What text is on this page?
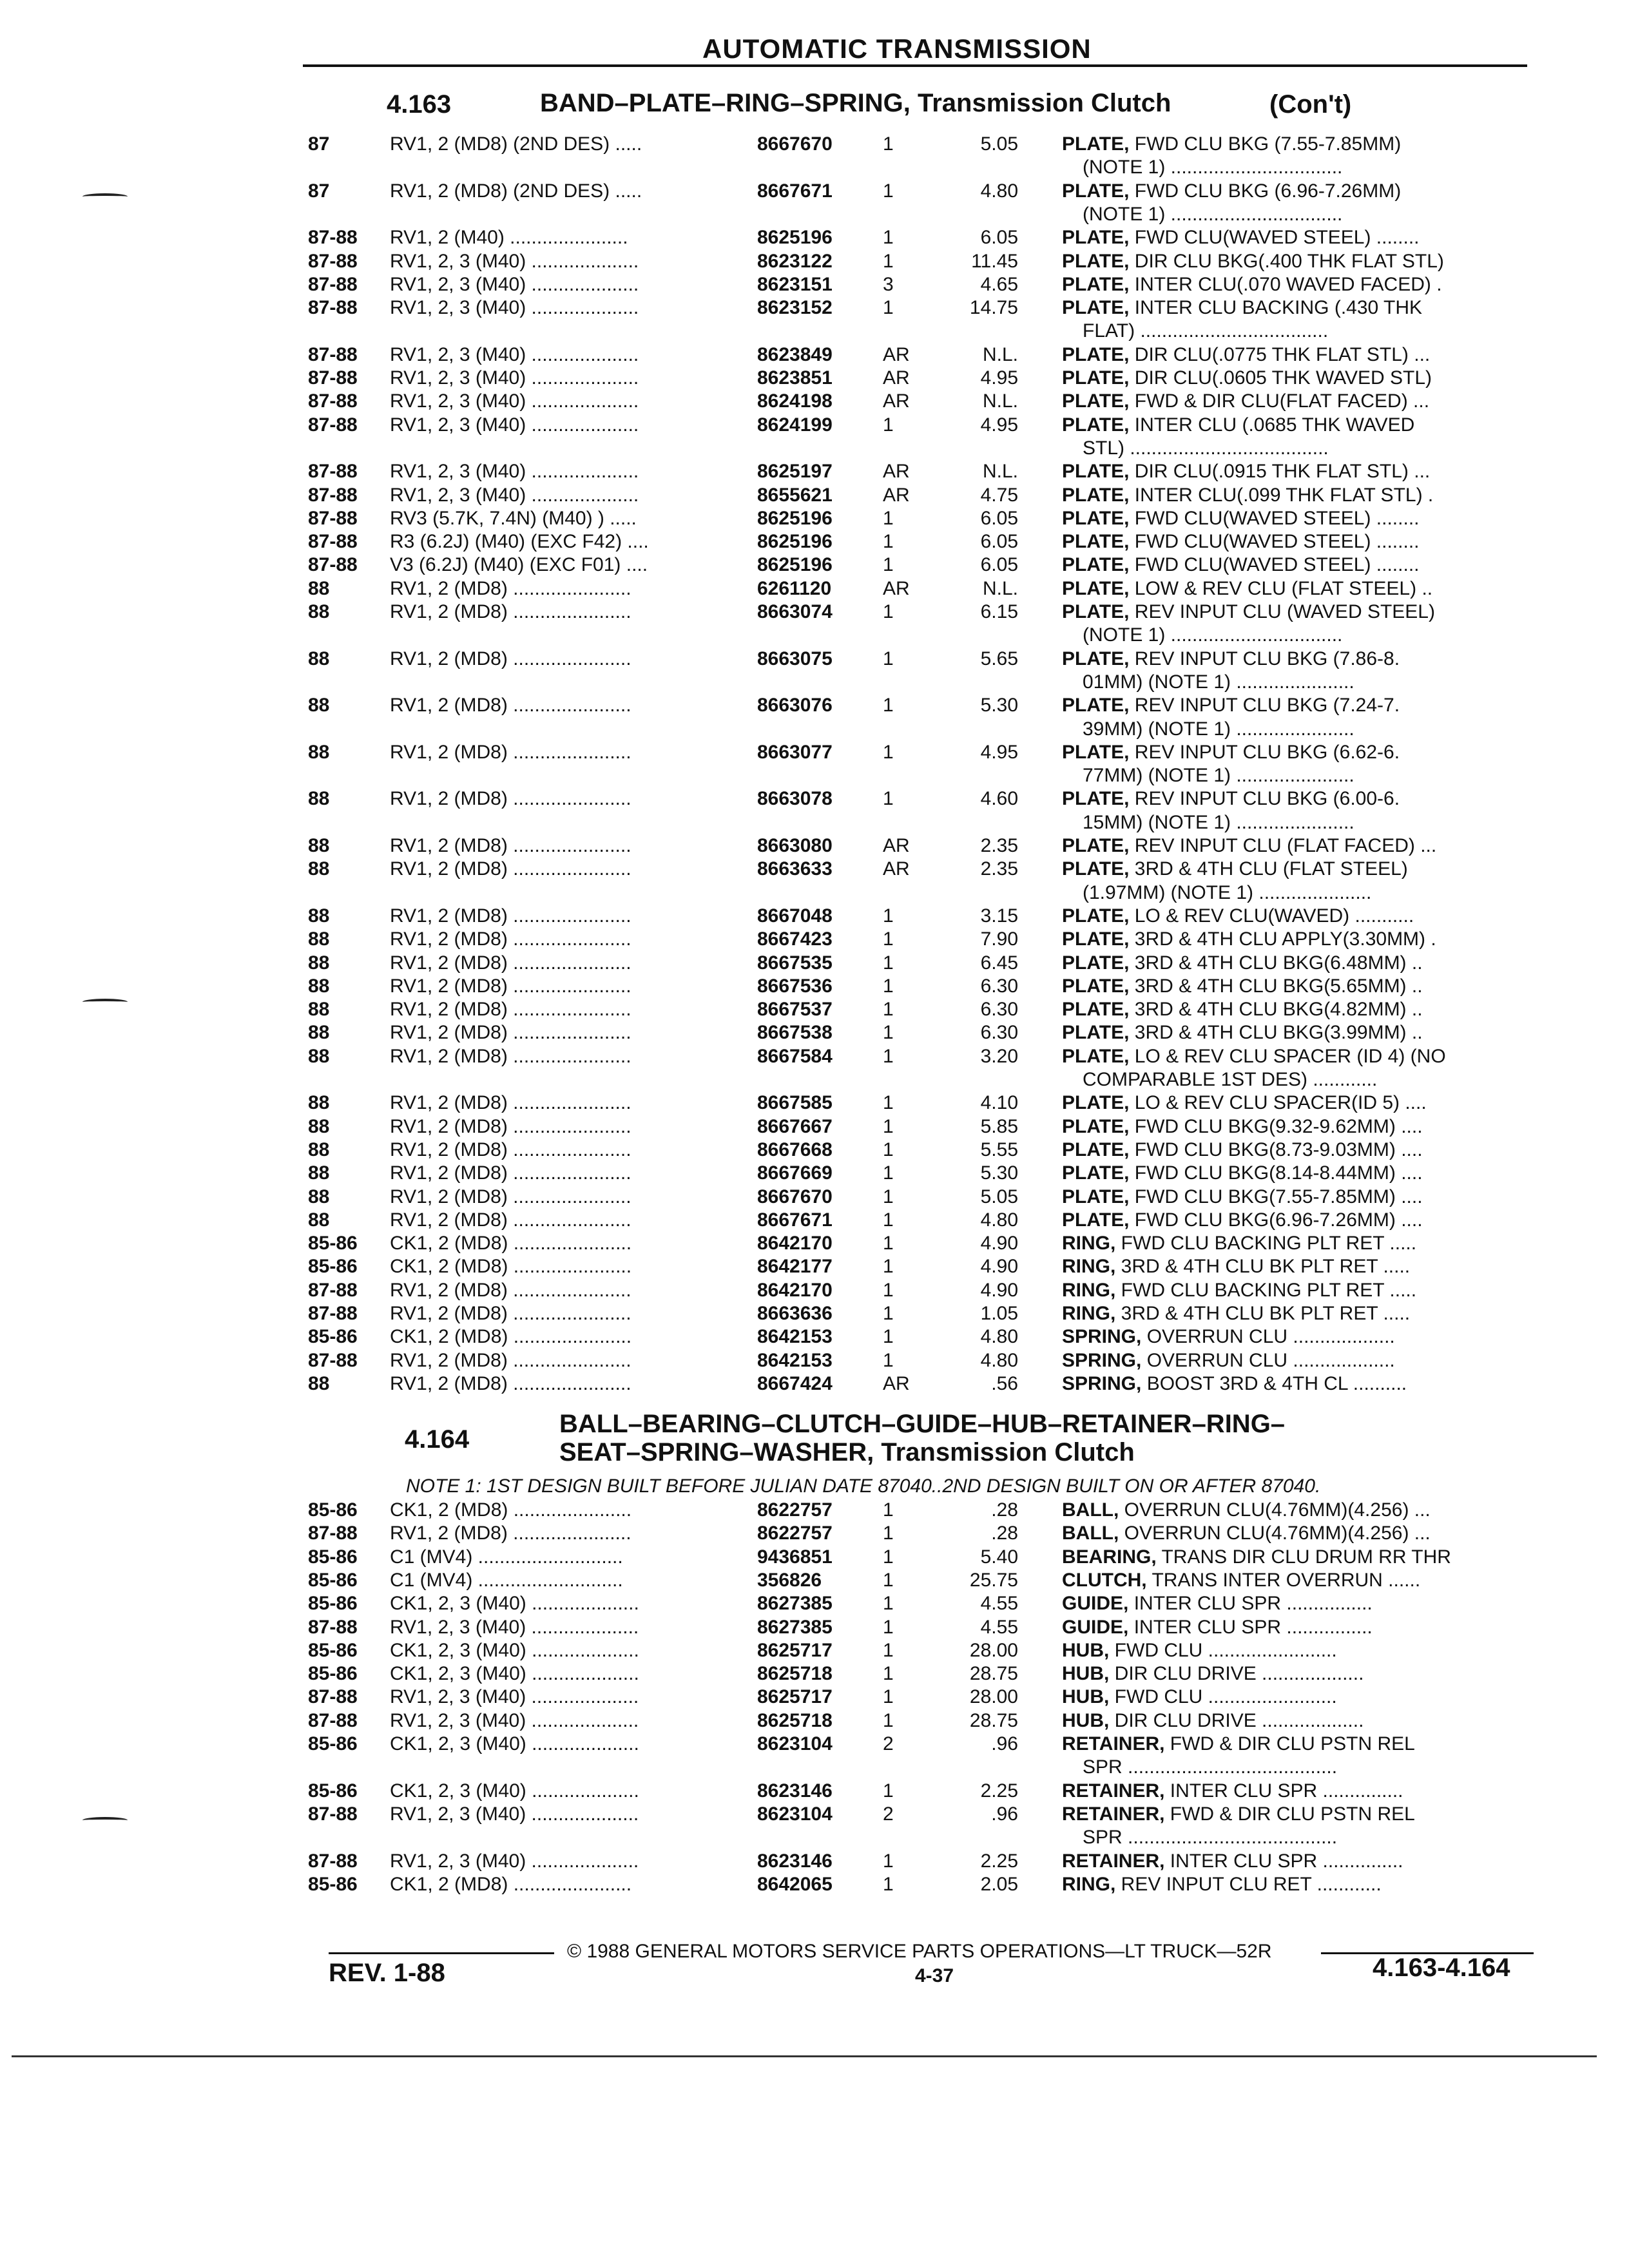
AUTOMATIC TRANSMISSION
4.163	BAND–PLATE–RING–SPRING, Transmission Clutch	(Con't)
87	RV1, 2 (MD8) (2ND DES) .....	8667670	1	5.05 PLATE, FWD CLU BKG (7.55-7.85MM)
(NOTE 1) ................................
87	RV1, 2 (MD8) (2ND DES) .....	8667671	1	4.80 PLATE, FWD CLU BKG (6.96-7.26MM)
(NOTE 1) ................................
87-88 RV1, 2 (M40) ......................	8625196	1	6.05 PLATE, FWD CLU(WAVED STEEL) ........
87-88 RV1, 2, 3 (M40) ....................	8623122	1	11.45 PLATE, DIR CLU BKG(.400 THK FLAT STL)
87-88 RV1, 2, 3 (M40) ....................	8623151	3	4.65 PLATE, INTER CLU(.070 WAVED FACED) .
87-88 RV1, 2, 3 (M40) ....................	8623152	1	14.75 PLATE, INTER CLU BACKING (.430 THK
FLAT) ...................................
87-88 RV1, 2, 3 (M40) ....................	8623849	AR	N.L. PLATE, DIR CLU(.0775 THK FLAT STL) ...
87-88 RV1, 2, 3 (M40) ....................	8623851	AR	4.95 PLATE, DIR CLU(.0605 THK WAVED STL)
87-88 RV1, 2, 3 (M40) ....................	8624198	AR	N.L. PLATE, FWD & DIR CLU(FLAT FACED) ...
87-88 RV1, 2, 3 (M40) ....................	8624199	1	4.95 PLATE, INTER CLU (.0685 THK WAVED
STL) .....................................
87-88 RV1, 2, 3 (M40) ....................	8625197	AR	N.L. PLATE, DIR CLU(.0915 THK FLAT STL) ...
87-88 RV1, 2, 3 (M40) ....................	8655621	AR	4.75 PLATE, INTER CLU(.099 THK FLAT STL) .
87-88 RV3 (5.7K, 7.4N) (M40) ) .....	8625196	1	6.05 PLATE, FWD CLU(WAVED STEEL) ........
87-88 R3 (6.2J) (M40) (EXC F42) ....	8625196	1	6.05 PLATE, FWD CLU(WAVED STEEL) ........
87-88 V3 (6.2J) (M40) (EXC F01) ....	8625196	1	6.05 PLATE, FWD CLU(WAVED STEEL) ........
88	RV1, 2 (MD8) ......................	6261120	AR	N.L. PLATE, LOW & REV CLU (FLAT STEEL) ..
88	RV1, 2 (MD8) ......................	8663074	1	6.15 PLATE, REV INPUT CLU (WAVED STEEL)
(NOTE 1) ................................
88	RV1, 2 (MD8) ......................	8663075	1	5.65 PLATE, REV INPUT CLU BKG (7.86-8.
01MM) (NOTE 1) ......................
88	RV1, 2 (MD8) ......................	8663076	1	5.30 PLATE, REV INPUT CLU BKG (7.24-7.
39MM) (NOTE 1) ......................
88	RV1, 2 (MD8) ......................	8663077	1	4.95 PLATE, REV INPUT CLU BKG (6.62-6.
77MM) (NOTE 1) ......................
88	RV1, 2 (MD8) ......................	8663078	1	4.60 PLATE, REV INPUT CLU BKG (6.00-6.
15MM) (NOTE 1) ......................
88	RV1, 2 (MD8) ......................	8663080	AR	2.35 PLATE, REV INPUT CLU (FLAT FACED) ...
88	RV1, 2 (MD8) ......................	8663633	AR	2.35 PLATE, 3RD & 4TH CLU (FLAT STEEL)
(1.97MM) (NOTE 1) .....................
88	RV1, 2 (MD8) ......................	8667048	1	3.15 PLATE, LO & REV CLU(WAVED) ...........
88	RV1, 2 (MD8) ......................	8667423	1	7.90 PLATE, 3RD & 4TH CLU APPLY(3.30MM) .
88	RV1, 2 (MD8) ......................	8667535	1	6.45 PLATE, 3RD & 4TH CLU BKG(6.48MM) ..
88	RV1, 2 (MD8) ......................	8667536	1	6.30 PLATE, 3RD & 4TH CLU BKG(5.65MM) ..
88	RV1, 2 (MD8) ......................	8667537	1	6.30 PLATE, 3RD & 4TH CLU BKG(4.82MM) ..
88	RV1, 2 (MD8) ......................	8667538	1	6.30 PLATE, 3RD & 4TH CLU BKG(3.99MM) ..
88	RV1, 2 (MD8) ......................	8667584	1	3.20 PLATE, LO & REV CLU SPACER (ID 4) (NO
COMPARABLE 1ST DES) ............
88	RV1, 2 (MD8) ......................	8667585	1	4.10 PLATE, LO & REV CLU SPACER(ID 5) ....
88	RV1, 2 (MD8) ......................	8667667	1	5.85 PLATE, FWD CLU BKG(9.32-9.62MM) ....
88	RV1, 2 (MD8) ......................	8667668	1	5.55 PLATE, FWD CLU BKG(8.73-9.03MM) ....
88	RV1, 2 (MD8) ......................	8667669	1	5.30 PLATE, FWD CLU BKG(8.14-8.44MM) ....
88	RV1, 2 (MD8) ......................	8667670	1	5.05 PLATE, FWD CLU BKG(7.55-7.85MM) ....
88	RV1, 2 (MD8) ......................	8667671	1	4.80 PLATE, FWD CLU BKG(6.96-7.26MM) ....
85-86 CK1, 2 (MD8) ......................	8642170	1	4.90 RING, FWD CLU BACKING PLT RET .....
85-86 CK1, 2 (MD8) ......................	8642177	1	4.90 RING, 3RD & 4TH CLU BK PLT RET .....
87-88 RV1, 2 (MD8) ......................	8642170	1	4.90 RING, FWD CLU BACKING PLT RET .....
87-88 RV1, 2 (MD8) ......................	8663636	1	1.05 RING, 3RD & 4TH CLU BK PLT RET .....
85-86 CK1, 2 (MD8) ......................	8642153	1	4.80 SPRING, OVERRUN CLU ...................
87-88 RV1, 2 (MD8) ......................	8642153	1	4.80 SPRING, OVERRUN CLU ...................
88	RV1, 2 (MD8) ......................	8667424	AR	.56 SPRING, BOOST 3RD & 4TH CL ..........
4.164
BALL–BEARING–CLUTCH–GUIDE–HUB–RETAINER–RING–
SEAT–SPRING–WASHER, Transmission Clutch
NOTE 1: 1ST DESIGN BUILT BEFORE JULIAN DATE 87040..2ND DESIGN BUILT ON OR AFTER 87040.
85-86 CK1, 2 (MD8) ......................	8622757	1	.28 BALL, OVERRUN CLU(4.76MM)(4.256) ...
87-88 RV1, 2 (MD8) ......................	8622757	1	.28 BALL, OVERRUN CLU(4.76MM)(4.256) ...
85-86 C1 (MV4) ...........................	9436851	1	5.40 BEARING, TRANS DIR CLU DRUM RR THR
85-86 C1 (MV4) ...........................	356826	1	25.75 CLUTCH, TRANS INTER OVERRUN ......
85-86 CK1, 2, 3 (M40) ....................	8627385	1	4.55 GUIDE, INTER CLU SPR ................
87-88 RV1, 2, 3 (M40) ....................	8627385	1	4.55 GUIDE, INTER CLU SPR ................
85-86 CK1, 2, 3 (M40) ....................	8625717	1	28.00 HUB, FWD CLU ........................
85-86 CK1, 2, 3 (M40) ....................	8625718	1	28.75 HUB, DIR CLU DRIVE ...................
87-88 RV1, 2, 3 (M40) ....................	8625717	1	28.00 HUB, FWD CLU ........................
87-88 RV1, 2, 3 (M40) ....................	8625718	1	28.75 HUB, DIR CLU DRIVE ...................
85-86 CK1, 2, 3 (M40) ....................	8623104	2	.96 RETAINER, FWD & DIR CLU PSTN REL
SPR .......................................
85-86 CK1, 2, 3 (M40) ....................	8623146	1	2.25 RETAINER, INTER CLU SPR ...............
87-88 RV1, 2, 3 (M40) ....................	8623104	2	.96 RETAINER, FWD & DIR CLU PSTN REL
SPR .......................................
87-88 RV1, 2, 3 (M40) ....................	8623146	1	2.25 RETAINER, INTER CLU SPR ...............
85-86 CK1, 2 (MD8) ......................	8642065	1	2.05 RING, REV INPUT CLU RET ............
© 1988 GENERAL MOTORS SERVICE PARTS OPERATIONS—LT TRUCK—52R
REV. 1-88	4-37	4.163-4.164
